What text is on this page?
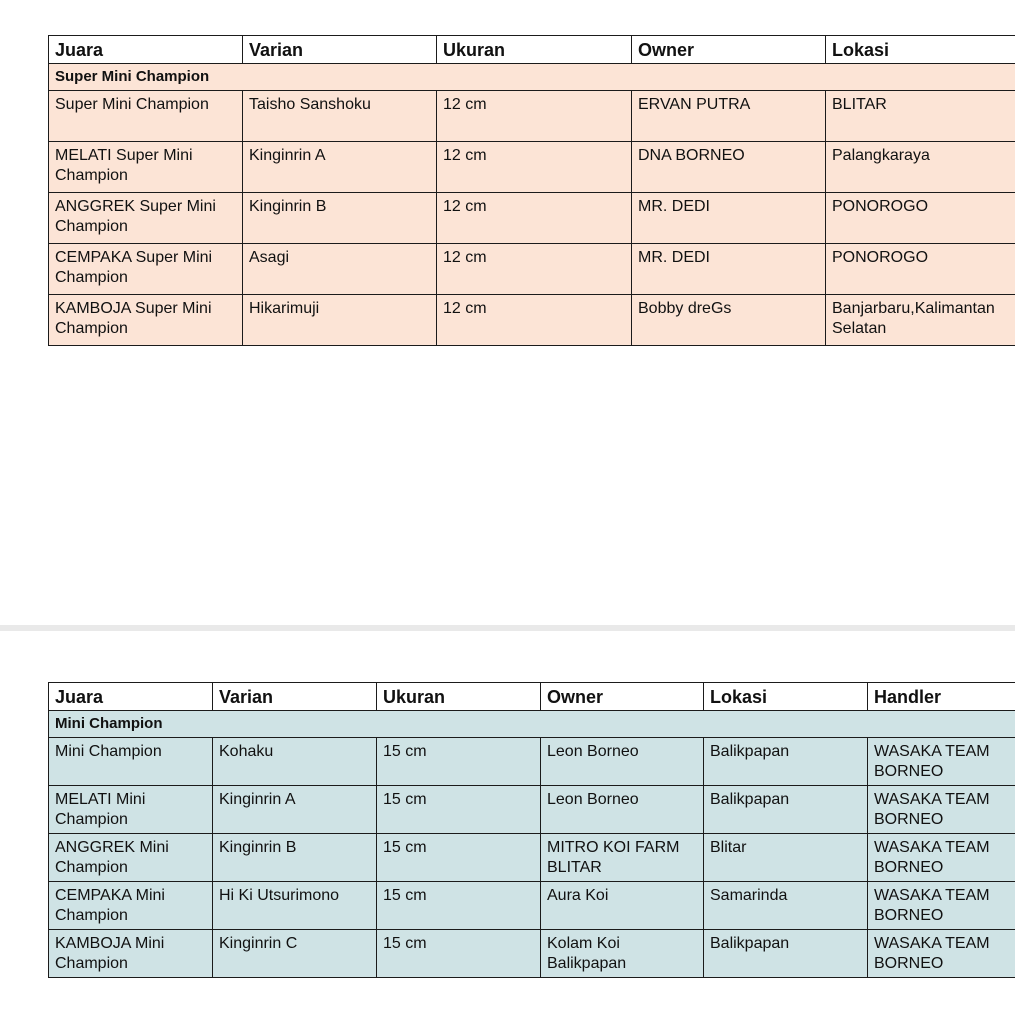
Juara	Varian	Ukuran	Owner	Lokasi
Super Mini Champion				
Super Mini Champion	Taisho Sanshoku	12 cm	ERVAN PUTRA	BLITAR
MELATI Super Mini Champion	Kinginrin A	12 cm	DNA BORNEO	Palangkaraya
ANGGREK Super Mini Champion	Kinginrin B	12 cm	MR. DEDI	PONOROGO
CEMPAKA Super Mini Champion	Asagi	12 cm	MR. DEDI	PONOROGO
KAMBOJA Super Mini Champion	Hikarimuji	12 cm	Bobby dreGs	Banjarbaru,Kalimantan Selatan
Juara	Varian	Ukuran	Owner	Lokasi	Handler
Mini Champion					
Mini Champion	Kohaku	15 cm	Leon Borneo	Balikpapan	WASAKA TEAM BORNEO
MELATI Mini Champion	Kinginrin A	15 cm	Leon Borneo	Balikpapan	WASAKA TEAM BORNEO
ANGGREK Mini Champion	Kinginrin B	15 cm	MITRO KOI FARM BLITAR	Blitar	WASAKA TEAM BORNEO
CEMPAKA Mini Champion	Hi Ki Utsurimono	15 cm	Aura Koi	Samarinda	WASAKA TEAM BORNEO
KAMBOJA Mini Champion	Kinginrin C	15 cm	Kolam Koi Balikpapan	Balikpapan	WASAKA TEAM BORNEO
